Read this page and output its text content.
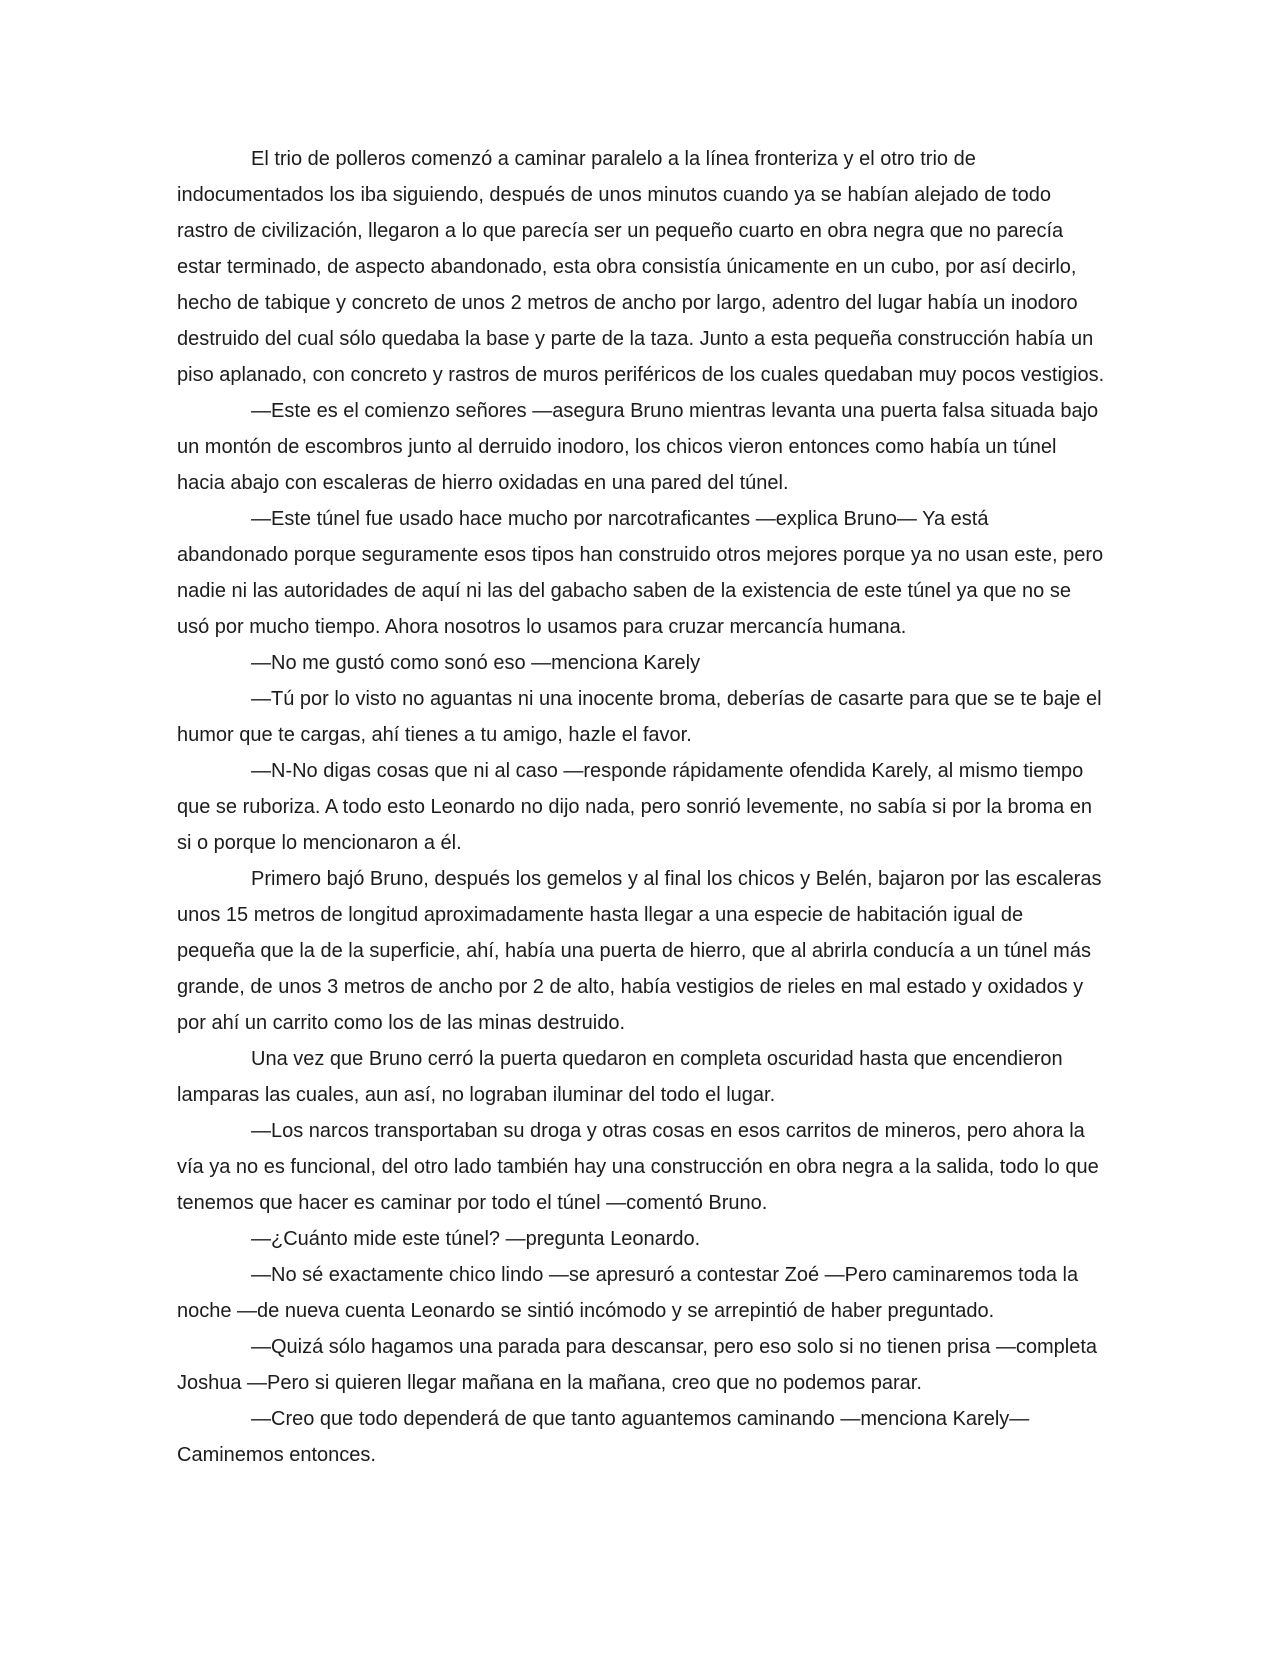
El trio de polleros comenzó a caminar paralelo a la línea fronteriza y el otro trio de indocumentados los iba siguiendo, después de unos minutos cuando ya se habían alejado de todo rastro de civilización, llegaron a lo que parecía ser un pequeño cuarto en obra negra que no parecía estar terminado, de aspecto abandonado, esta obra consistía únicamente en un cubo, por así decirlo, hecho de tabique y concreto de unos 2 metros de ancho por largo, adentro del lugar había un inodoro destruido del cual sólo quedaba la base y parte de la taza. Junto a esta pequeña construcción había un piso aplanado, con concreto y rastros de muros periféricos de los cuales quedaban muy pocos vestigios.

—Este es el comienzo señores —asegura Bruno mientras levanta una puerta falsa situada bajo un montón de escombros junto al derruido inodoro, los chicos vieron entonces como había un túnel hacia abajo con escaleras de hierro oxidadas en una pared del túnel.

—Este túnel fue usado hace mucho por narcotraficantes —explica Bruno— Ya está abandonado porque seguramente esos tipos han construido otros mejores porque ya no usan este, pero nadie ni las autoridades de aquí ni las del gabacho saben de la existencia de este túnel ya que no se usó por mucho tiempo. Ahora nosotros lo usamos para cruzar mercancía humana.

—No me gustó como sonó eso —menciona Karely

—Tú por lo visto no aguantas ni una inocente broma, deberías de casarte para que se te baje el humor que te cargas, ahí tienes a tu amigo, hazle el favor.

—N-No digas cosas que ni al caso —responde rápidamente ofendida Karely, al mismo tiempo que se ruboriza. A todo esto Leonardo no dijo nada, pero sonrió levemente, no sabía si por la broma en si o porque lo mencionaron a él.

Primero bajó Bruno, después los gemelos y al final los chicos y Belén, bajaron por las escaleras unos 15 metros de longitud aproximadamente hasta llegar a una especie de habitación igual de pequeña que la de la superficie, ahí, había una puerta de hierro, que al abrirla conducía a un túnel más grande, de unos 3 metros de ancho por 2 de alto, había vestigios de rieles en mal estado y oxidados y por ahí un carrito como los de las minas destruido.

Una vez que Bruno cerró la puerta quedaron en completa oscuridad hasta que encendieron lamparas las cuales, aun así, no lograban iluminar del todo el lugar.

—Los narcos transportaban su droga y otras cosas en esos carritos de mineros, pero ahora la vía ya no es funcional, del otro lado también hay una construcción en obra negra a la salida, todo lo que tenemos que hacer es caminar por todo el túnel —comentó Bruno.

—¿Cuánto mide este túnel? —pregunta Leonardo.

—No sé exactamente chico lindo —se apresuró a contestar Zoé —Pero caminaremos toda la noche —de nueva cuenta Leonardo se sintió incómodo y se arrepintió de haber preguntado.

—Quizá sólo hagamos una parada para descansar, pero eso solo si no tienen prisa —completa Joshua —Pero si quieren llegar mañana en la mañana, creo que no podemos parar.

—Creo que todo dependerá de que tanto aguantemos caminando —menciona Karely— Caminemos entonces.
